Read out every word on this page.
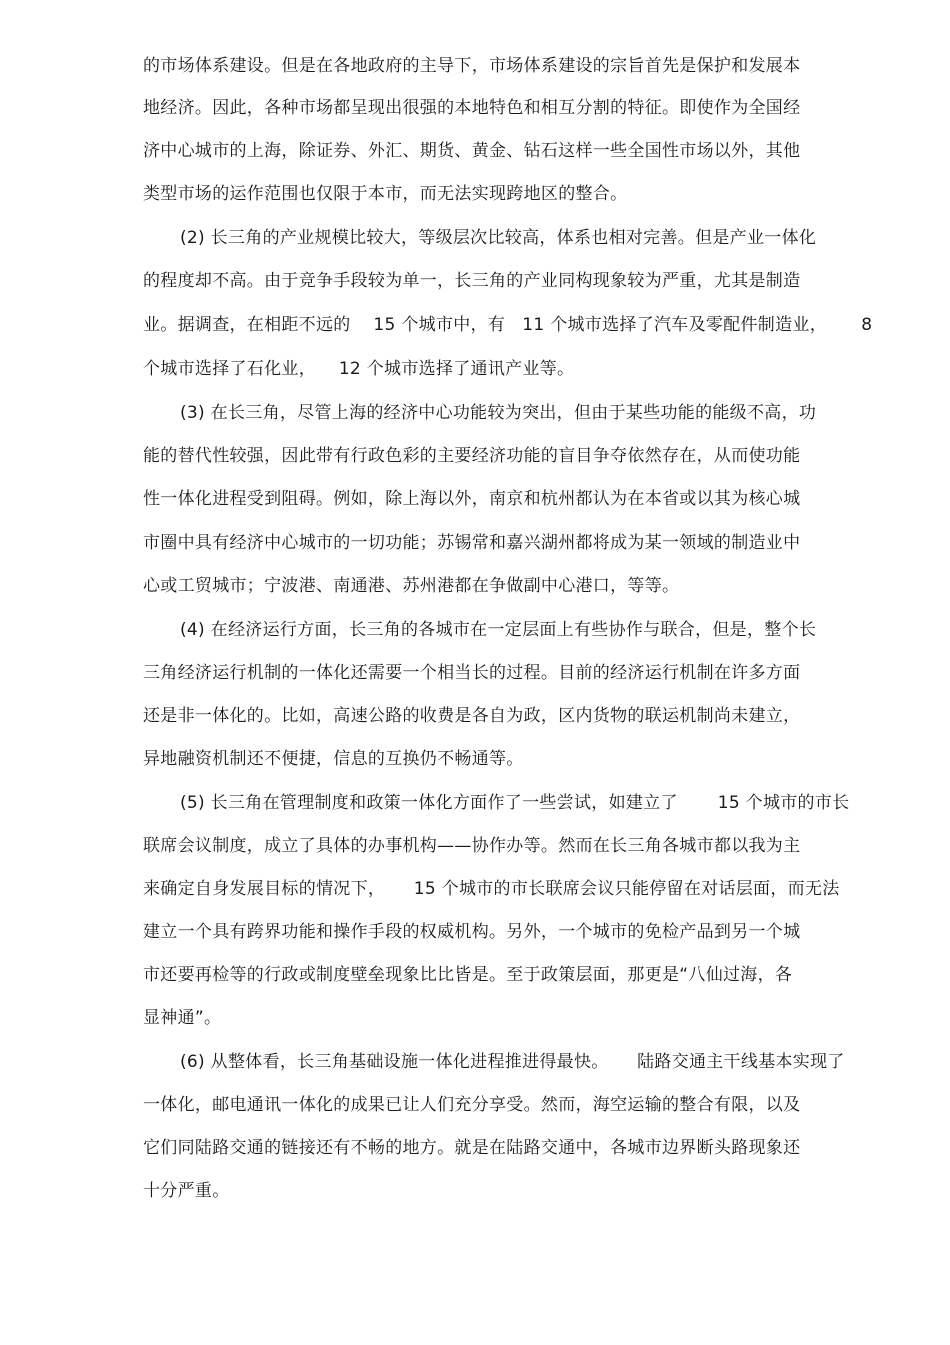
的市场体系建设。但是在各地政府的主导下，市场体系建设的宗旨首先是保护和发展本
地经济。因此，各种市场都呈现出很强的本地特色和相互分割的特征。即使作为全国经
济中心城市的上海，除证券、外汇、期货、黄金、钻石这样一些全国性市场以外，其他
类型市场的运作范围也仅限于本市，而无法实现跨地区的整合。
(2) 长三角的产业规模比较大，等级层次比较高，体系也相对完善。但是产业一体化
的程度却不高。由于竞争手段较为单一，长三角的产业同构现象较为严重，尤其是制造
业。据调查，在相距不远的    15 个城市中，有   11 个城市选择了汽车及零配件制造业，      8
个城市选择了石化业，    12 个城市选择了通讯产业等。
(3) 在长三角，尽管上海的经济中心功能较为突出，但由于某些功能的能级不高，功
能的替代性较强，因此带有行政色彩的主要经济功能的盲目争夺依然存在，从而使功能
性一体化进程受到阻碍。例如，除上海以外，南京和杭州都认为在本省或以其为核心城
市圈中具有经济中心城市的一切功能；苏锡常和嘉兴湖州都将成为某一领域的制造业中
心或工贸城市；宁波港、南通港、苏州港都在争做副中心港口，等等。
(4) 在经济运行方面，长三角的各城市在一定层面上有些协作与联合，但是，整个长
三角经济运行机制的一体化还需要一个相当长的过程。目前的经济运行机制在许多方面
还是非一体化的。比如，高速公路的收费是各自为政，区内货物的联运机制尚未建立，
异地融资机制还不便捷，信息的互换仍不畅通等。
(5) 长三角在管理制度和政策一体化方面作了一些尝试，如建立了       15 个城市的市长
联席会议制度，成立了具体的办事机构——协作办等。然而在长三角各城市都以我为主
来确定自身发展目标的情况下，     15 个城市的市长联席会议只能停留在对话层面，而无法
建立一个具有跨界功能和操作手段的权威机构。另外，一个城市的免检产品到另一个城
市还要再检等的行政或制度壁垒现象比比皆是。至于政策层面，那更是“八仙过海，各
显神通”。
(6) 从整体看，长三角基础设施一体化进程推进得最快。     陆路交通主干线基本实现了
一体化，邮电通讯一体化的成果已让人们充分享受。然而，海空运输的整合有限，以及
它们同陆路交通的链接还有不畅的地方。就是在陆路交通中，各城市边界断头路现象还
十分严重。
